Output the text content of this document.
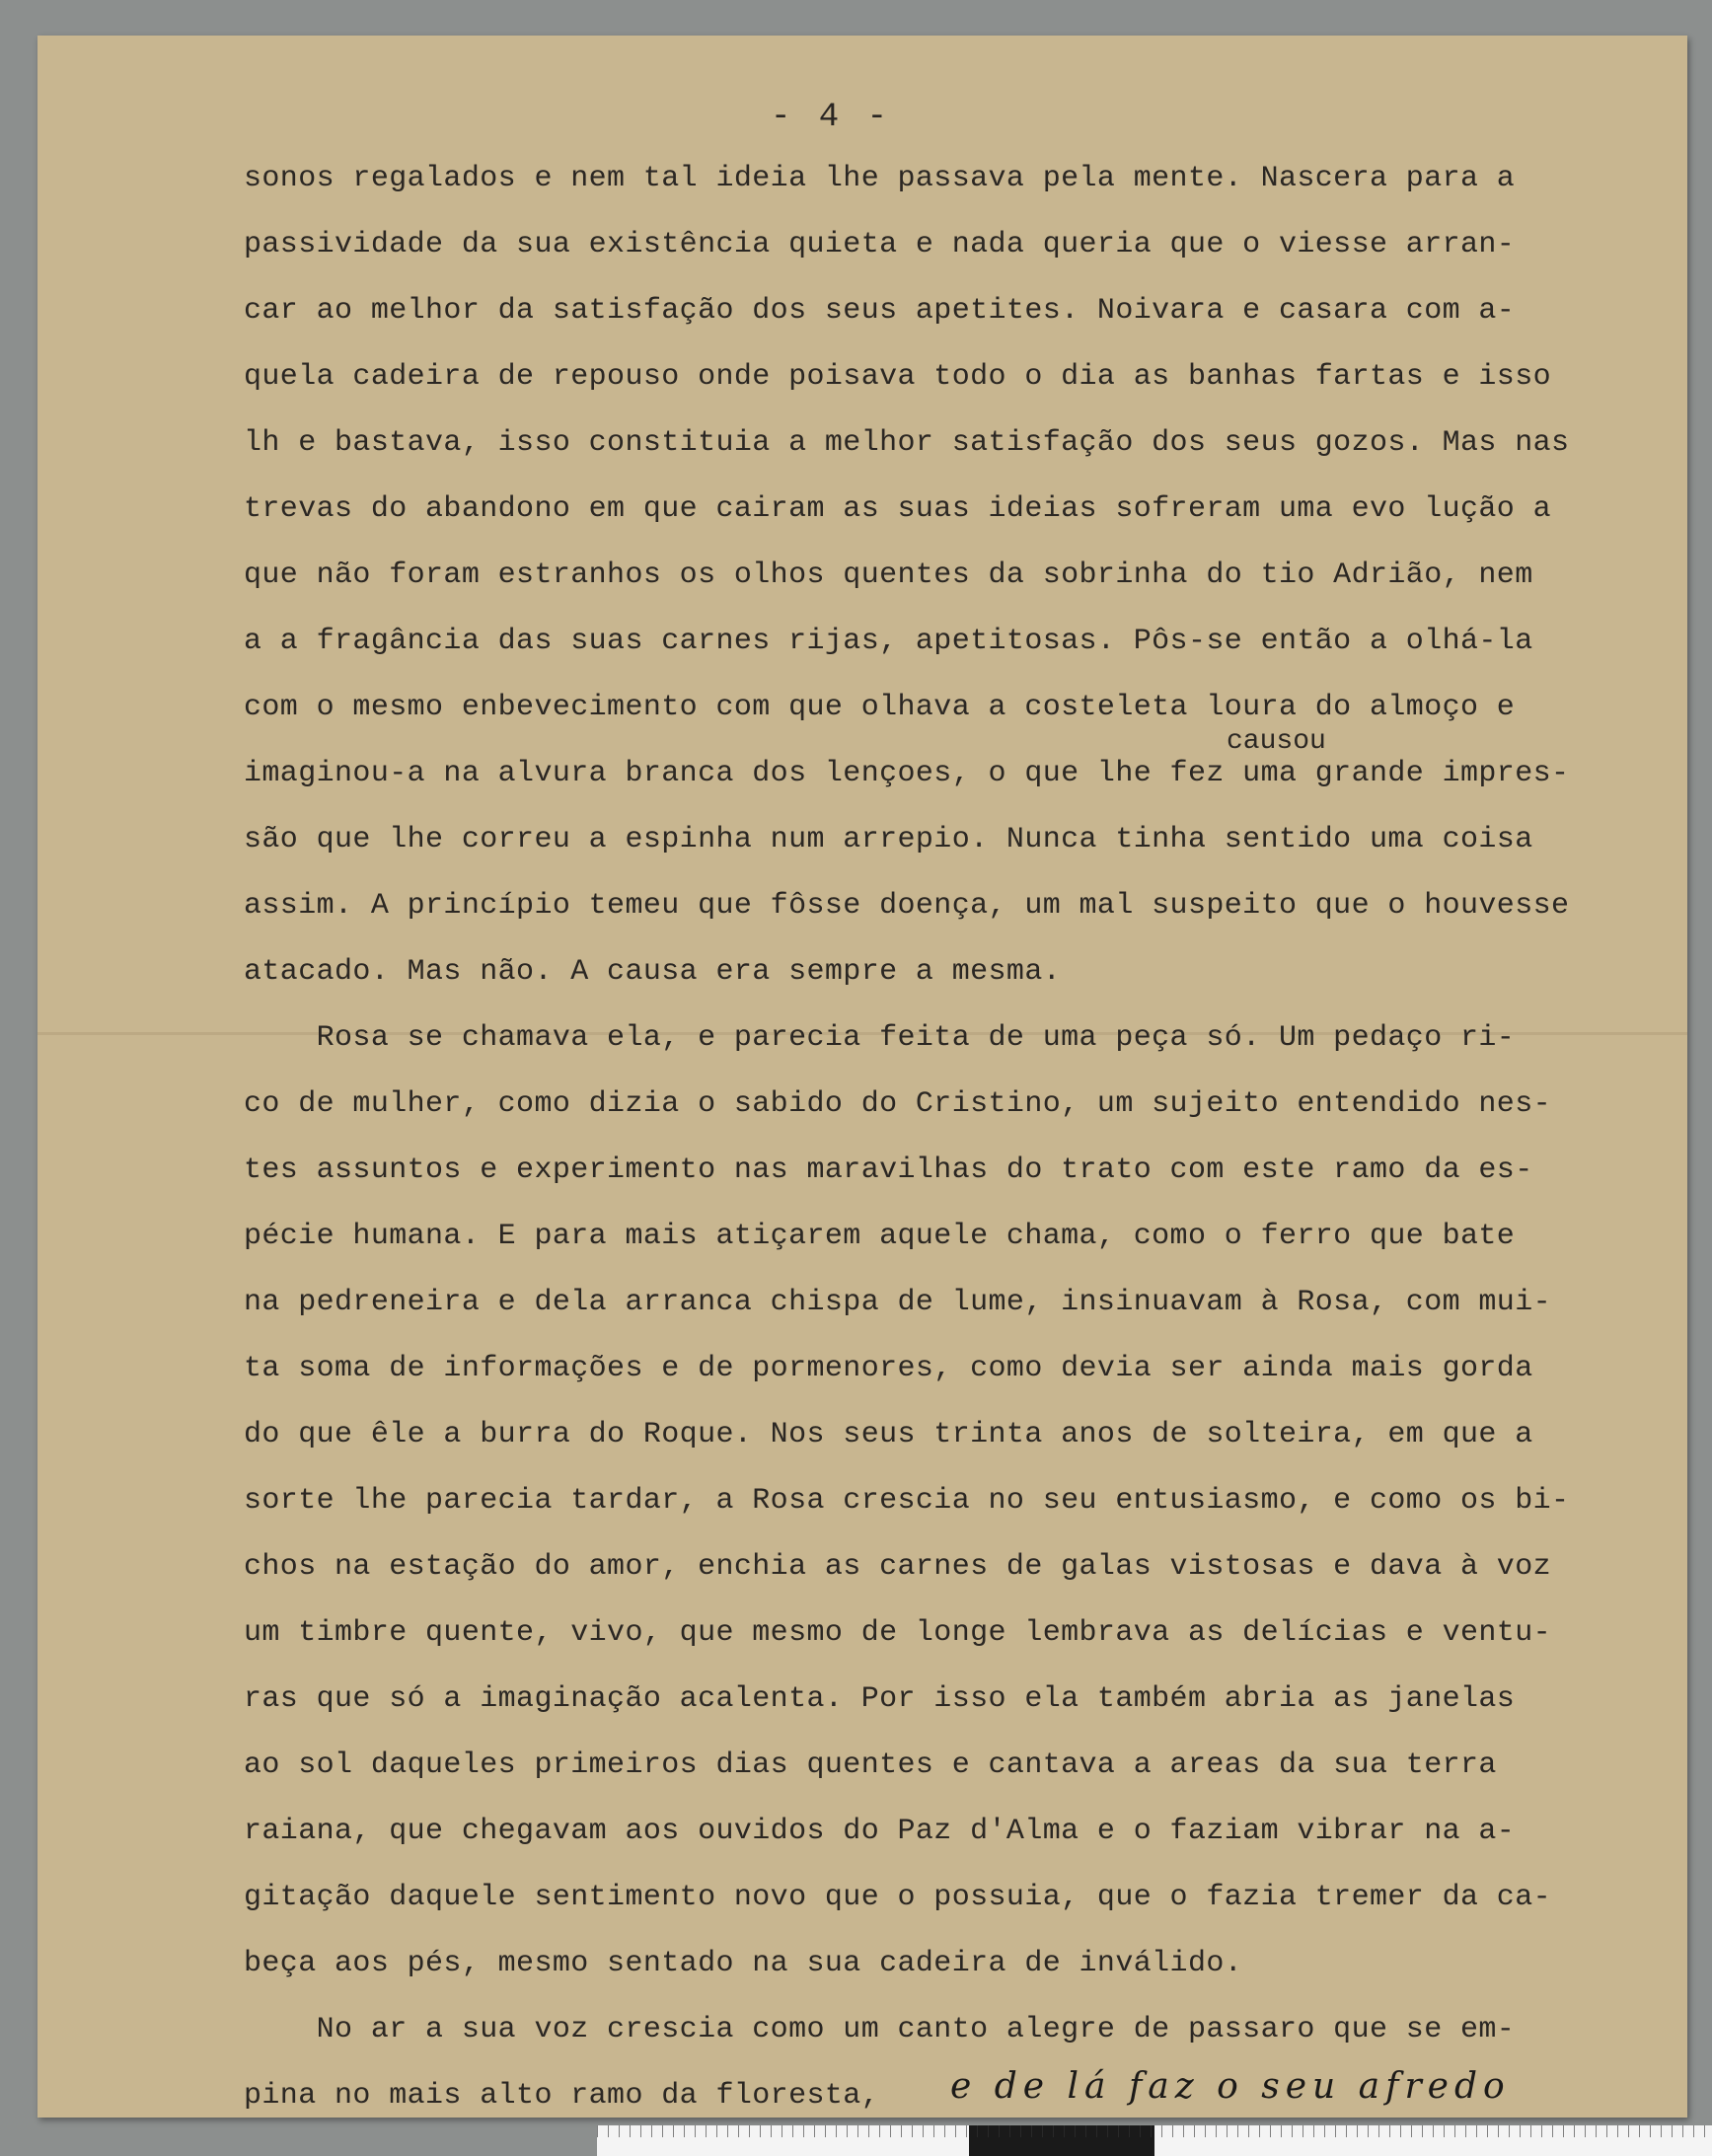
- 4 -
sonos regalados e nem tal ideia lhe passava pela mente. Nascera para a
passividade da sua existência quieta e nada queria que o viesse arran-
car ao melhor da satisfação dos seus apetites. Noivara e casara com a-
quela cadeira de repouso onde poisava todo o dia as banhas fartas e isso
lh e bastava, isso constituia a melhor satisfação dos seus gozos. Mas nas
trevas do abandono em que cairam as suas ideias sofreram uma evo lução a
que não foram estranhos os olhos quentes da sobrinha do tio Adrião, nem
a a fragância das suas carnes rijas, apetitosas. Pôs-se então a olhá-la
com o mesmo enbevecimento com que olhava a costeleta loura do almoço e
causou
imaginou-a na alvura branca dos lençoes, o que lhe fez uma grande impres-
são que lhe correu a espinha num arrepio. Nunca tinha sentido uma coisa
assim. A princípio temeu que fôsse doença, um mal suspeito que o houvesse
atacado. Mas não. A causa era sempre a mesma.
Rosa se chamava ela, e parecia feita de uma peça só. Um pedaço ri-
co de mulher, como dizia o sabido do Cristino, um sujeito entendido nes-
tes assuntos e experimento nas maravilhas do trato com este ramo da es-
pécie humana. E para mais atiçarem aquele chama, como o ferro que bate
na pedreneira e dela arranca chispa de lume, insinuavam à Rosa, com mui-
ta soma de informações e de pormenores, como devia ser ainda mais gorda
do que êle a burra do Roque. Nos seus trinta anos de solteira, em que a
sorte lhe parecia tardar, a Rosa crescia no seu entusiasmo, e como os bi-
chos na estação do amor, enchia as carnes de galas vistosas e dava à voz
um timbre quente, vivo, que mesmo de longe lembrava as delícias e ventu-
ras que só a imaginação acalenta. Por isso ela também abria as janelas
ao sol daqueles primeiros dias quentes e cantava a areas da sua terra
raiana, que chegavam aos ouvidos do Paz d'Alma e o faziam vibrar na a-
gitação daquele sentimento novo que o possuia, que o fazia tremer da ca-
beça aos pés, mesmo sentado na sua cadeira de inválido.
No ar a sua voz crescia como um canto alegre de passaro que se em-
pina no mais alto ramo da floresta, e de lá faz o seu afredo
